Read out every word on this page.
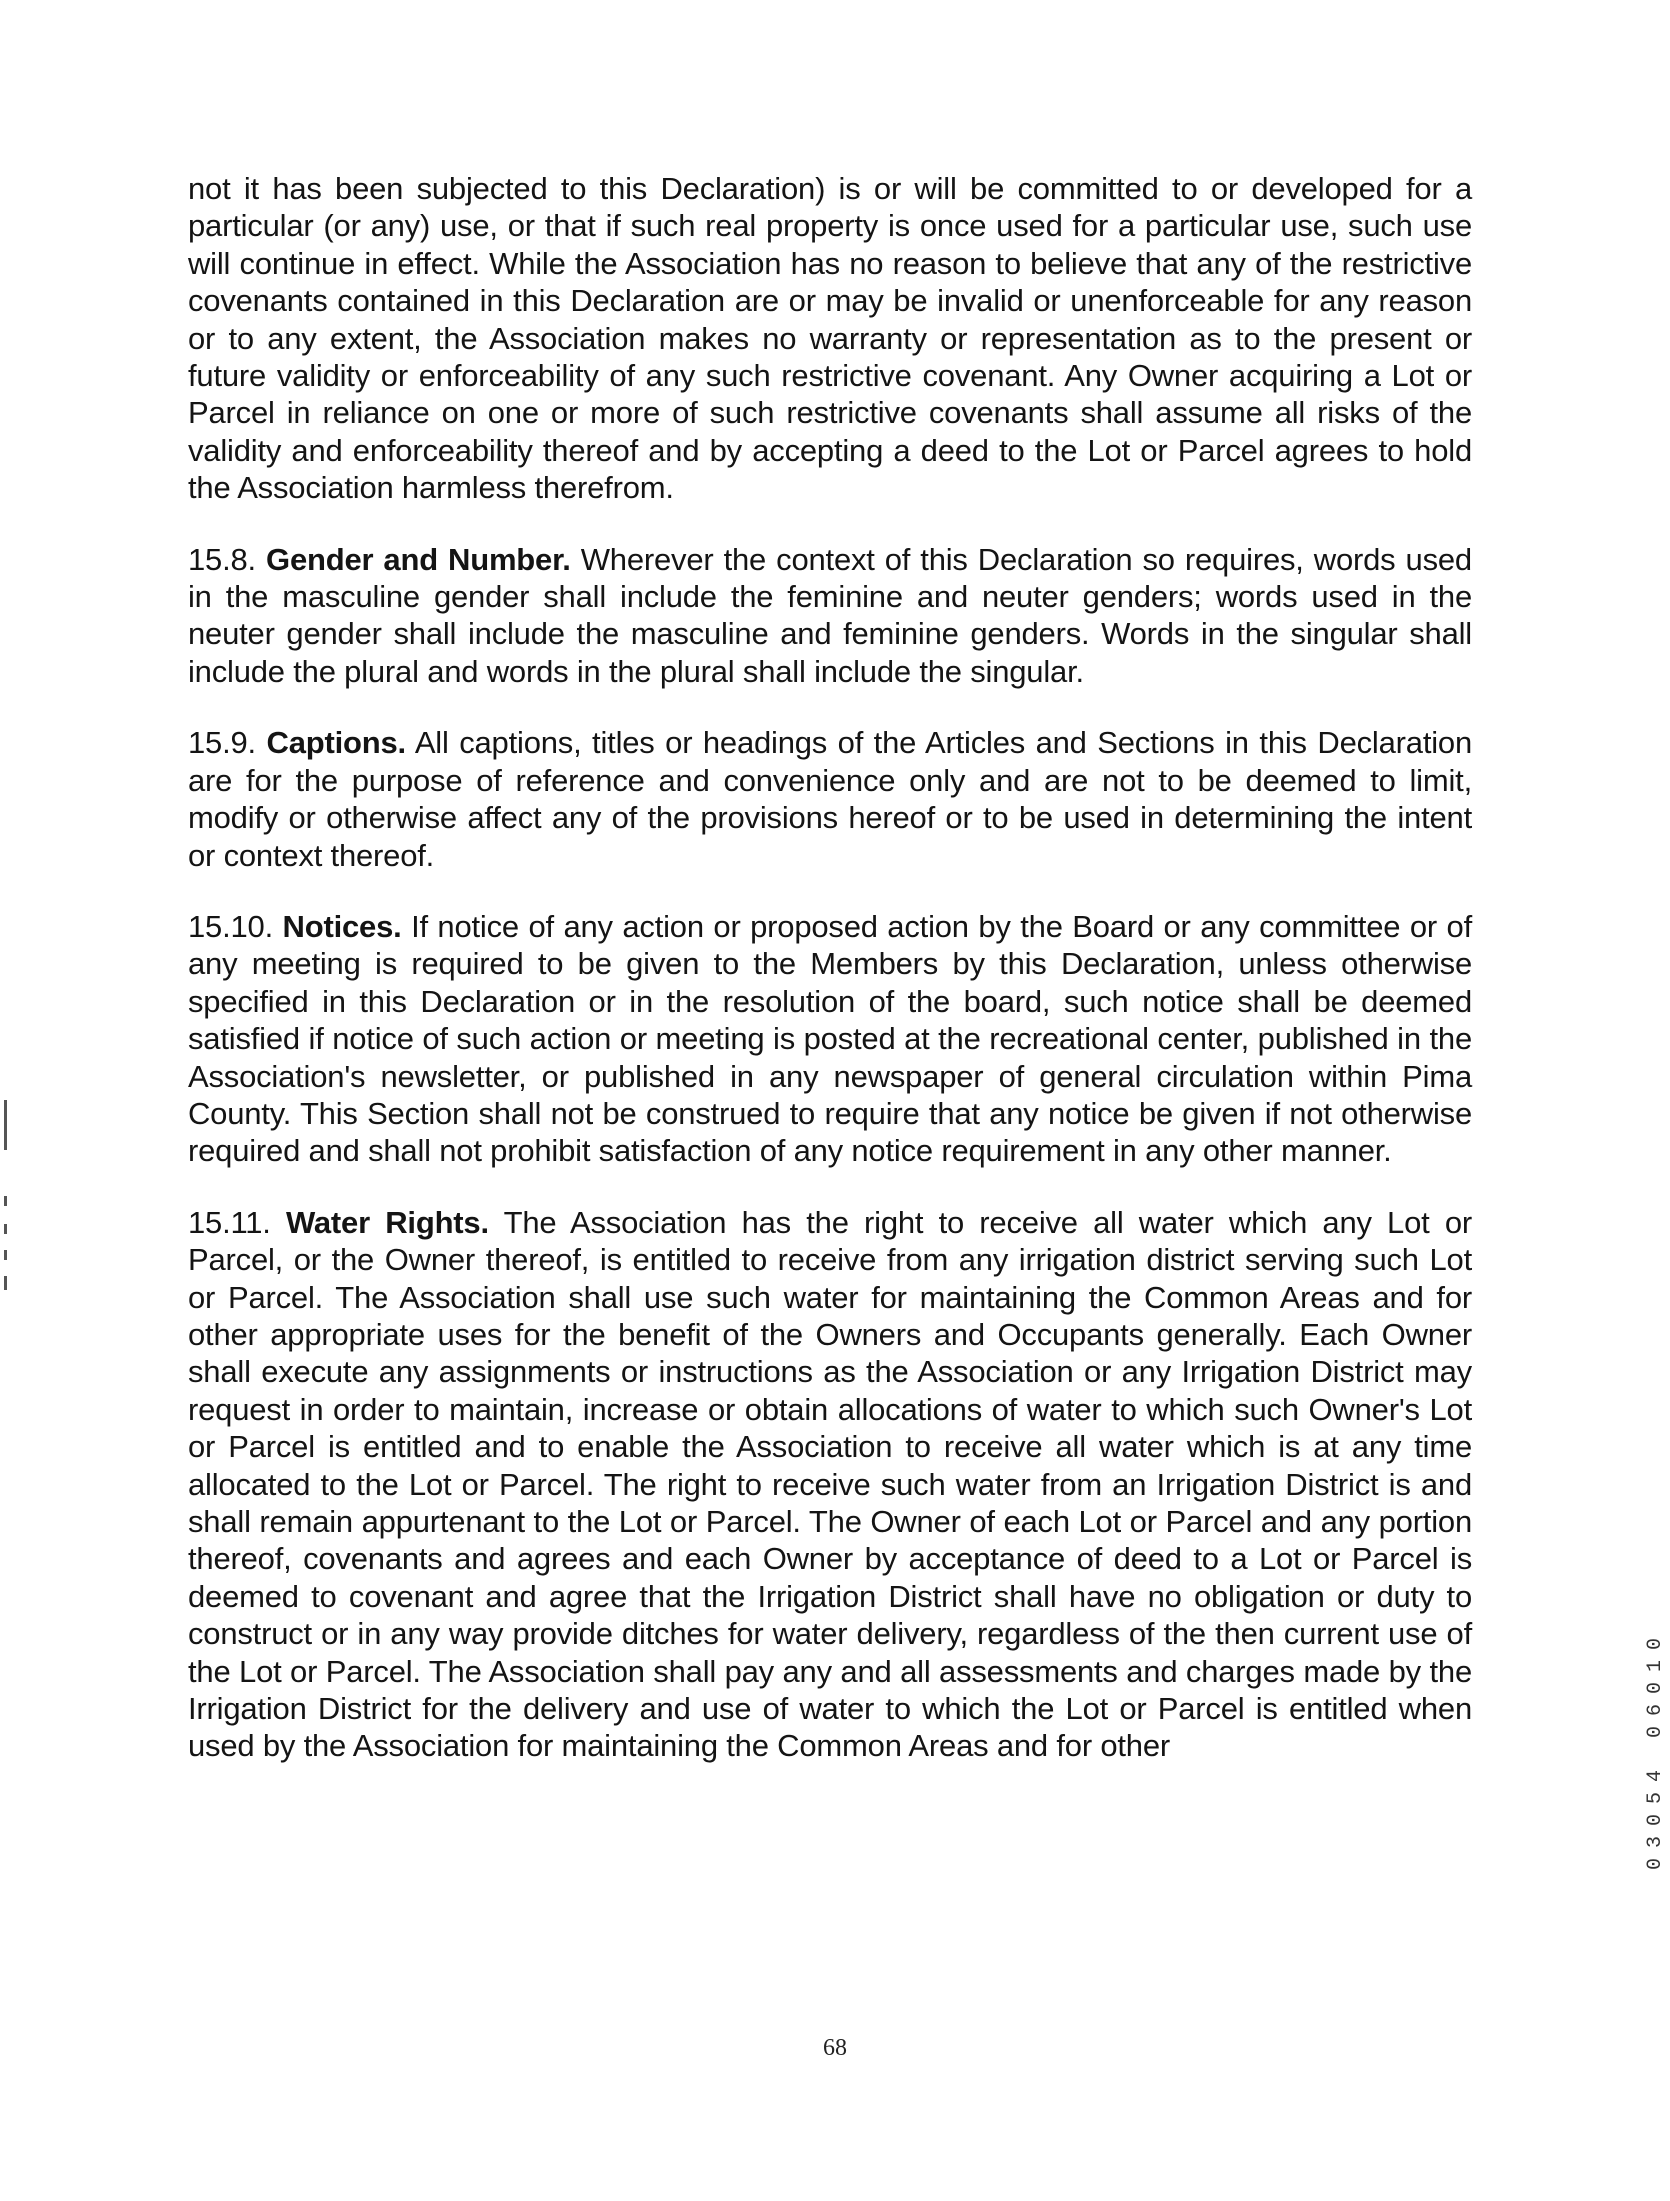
not it has been subjected to this Declaration) is or will be committed to or developed for a particular (or any) use, or that if such real property is once used for a particular use, such use will continue in effect. While the Association has no reason to believe that any of the restrictive covenants contained in this Declaration are or may be invalid or unenforceable for any reason or to any extent, the Association makes no warranty or representation as to the present or future validity or enforceability of any such restrictive covenant. Any Owner acquiring a Lot or Parcel in reliance on one or more of such restrictive covenants shall assume all risks of the validity and enforceability thereof and by accepting a deed to the Lot or Parcel agrees to hold the Association harmless therefrom.

15.8. Gender and Number. Wherever the context of this Declaration so requires, words used in the masculine gender shall include the feminine and neuter genders; words used in the neuter gender shall include the masculine and feminine genders. Words in the singular shall include the plural and words in the plural shall include the singular.

15.9. Captions. All captions, titles or headings of the Articles and Sections in this Declaration are for the purpose of reference and convenience only and are not to be deemed to limit, modify or otherwise affect any of the provisions hereof or to be used in determining the intent or context thereof.

15.10. Notices. If notice of any action or proposed action by the Board or any committee or of any meeting is required to be given to the Members by this Declaration, unless otherwise specified in this Declaration or in the resolution of the board, such notice shall be deemed satisfied if notice of such action or meeting is posted at the recreational center, published in the Association's newsletter, or published in any newspaper of general circulation within Pima County. This Section shall not be construed to require that any notice be given if not otherwise required and shall not prohibit satisfaction of any notice requirement in any other manner.

15.11. Water Rights. The Association has the right to receive all water which any Lot or Parcel, or the Owner thereof, is entitled to receive from any irrigation district serving such Lot or Parcel. The Association shall use such water for maintaining the Common Areas and for other appropriate uses for the benefit of the Owners and Occupants generally. Each Owner shall execute any assignments or instructions as the Association or any Irrigation District may request in order to maintain, increase or obtain allocations of water to which such Owner's Lot or Parcel is entitled and to enable the Association to receive all water which is at any time allocated to the Lot or Parcel. The right to receive such water from an Irrigation District is and shall remain appurtenant to the Lot or Parcel. The Owner of each Lot or Parcel and any portion thereof, covenants and agrees and each Owner by acceptance of deed to a Lot or Parcel is deemed to covenant and agree that the Irrigation District shall have no obligation or duty to construct or in any way provide ditches for water delivery, regardless of the then current use of the Lot or Parcel. The Association shall pay any and all assessments and charges made by the Irrigation District for the delivery and use of water to which the Lot or Parcel is entitled when used by the Association for maintaining the Common Areas and for other	03054 06010
68
